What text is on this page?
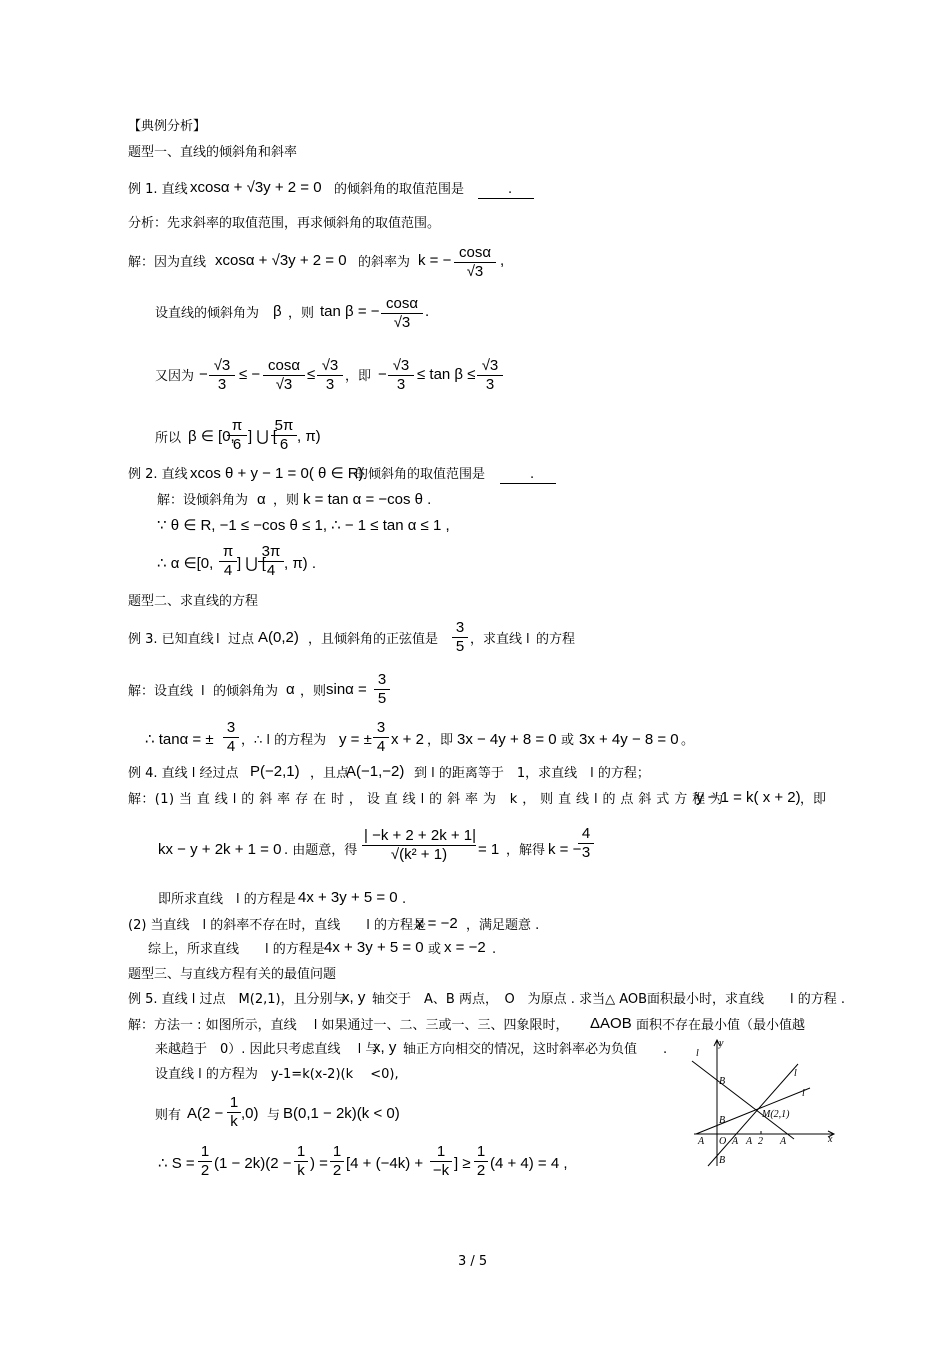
【典例分析】
题型一、直线的倾斜角和斜率
例 1. 直线 xcosα + √3y + 2 = 0 的倾斜角的取值范围是	.
分析：先求斜率的取值范围，再求倾斜角的取值范围。
解：因为直线 xcosα + √3y + 2 = 0 的斜率为 k = − cosα
√3
,
设直线的倾斜角为 β ，则 tan β = − cosα
√3
.
又因为 −
√3
3
≤ −
cosα
√3
≤
√3
3 ，即 −
√3
3
≤ tan β ≤
√3
3
所以 β ∈ [0,
π
6 ] ⋃ [
5π
6 , π)
例 2. 直线 xcos θ + y − 1 = 0( θ ∈ R)
的倾斜角的取值范围是	.
解：设倾斜角为 α ，则 k = tan α = −cos θ .
∵ θ ∈ R, −1 ≤ −cos θ ≤ 1, ∴ − 1 ≤ tan α ≤ 1 ,
∴ α ∈[0,
π
4 ] ⋃ [
3π
4 , π) .
题型二、求直线的方程
例 3. 已知直线 l 过点 A(0,2) ，且倾斜角的正弦值是
3
5 ，求直线 l 的方程
解：设直线 l 的倾斜角为 α ，则 sinα =
3
5
∴ tanα = ±
3
4 ，∴ l 的方程为 y = ±
3
4 x + 2 ，即 3x − 4y + 8 = 0 或 3x + 4y − 8 = 0 。
例 4. 直线 l 经过点 P(−2,1) ，且点
A(−1,−2) 到 l 的距离等于　1，求直线　l 的方程；
解：(1) 当 直 线 l 的 斜 率 存 在 时 ， 设 直 线 l 的 斜 率 为　k ， 则 直 线 l 的 点 斜 式 方 程 为
y − 1 = k( x + 2) ，即
kx − y + 2k + 1 = 0 . 由题意，得
| −k + 2 + 2k + 1|
√(k² + 1)	= 1 ，解得 k = −
4
3
即所求直线　l 的方程是 4x + 3y + 5 = 0 .
(2) 当直线　l 的斜率不存在时，直线　　l 的方程是
x = −2 ，满足题意 .
综上，所求直线　　l 的方程是 4x + 3y + 5 = 0 或 x = −2 .
题型三、与直线方程有关的最值问题
例 5. 直线 l 过点　M(2,1)，且分别与
x, y 轴交于　A、B 两点，　O　为原点 . 求当△ AOB面积最小时，求直线　　l 的方程 .
解：方法一 : 如图所示，直线　 l 如果通过一、二、三或一、三、四象限时， ΔAOB 面积不存在最小值（最小值越
来越趋于　0）. 因此只考虑直线　 l 与
x, y 轴正方向相交的情况，这时斜率必为负值　　.
设直线 l 的方程为　y-1=k(x-2)(k　 <0),
则有 A(2 −
1
k ,0) 与 B(0,1 − 2k)(k < 0)
∴ S =
1
2 (1 − 2k)(2 −
1
k ) =
1
2 [4 + (−4k) +
1
−k ] ≥
1
2 (4 + 4) = 4 ,
y
x
l
l
l
B
B
B
A	A A	A
O	2
M(2,1)
3 / 5
